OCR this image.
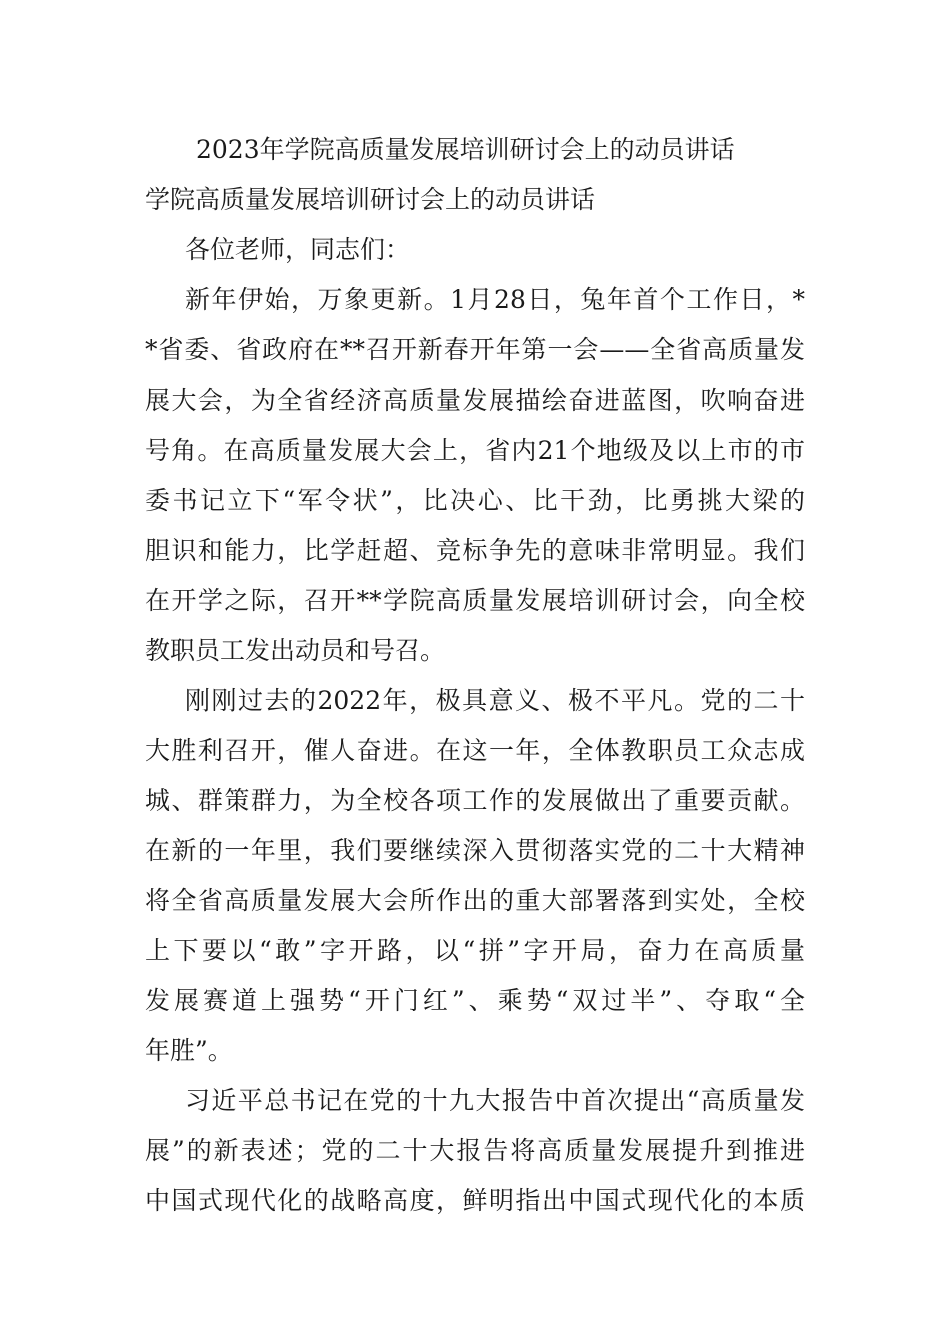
2023年学院高质量发展培训研讨会上的动员讲话
学院高质量发展培训研讨会上的动员讲话
各位老师，同志们：
新年伊始，万象更新。1月28日，兔年首个工作日，*
*省委、省政府在**召开新春开年第一会——全省高质量发
展大会，为全省经济高质量发展描绘奋进蓝图，吹响奋进
号角。在高质量发展大会上，省内21个地级及以上市的市
委书记立下“军令状”，比决心、比干劲，比勇挑大梁的
胆识和能力，比学赶超、竞标争先的意味非常明显。我们
在开学之际，召开**学院高质量发展培训研讨会，向全校
教职员工发出动员和号召。
刚刚过去的2022年，极具意义、极不平凡。党的二十
大胜利召开，催人奋进。在这一年，全体教职员工众志成
城、群策群力，为全校各项工作的发展做出了重要贡献。
在新的一年里，我们要继续深入贯彻落实党的二十大精神
将全省高质量发展大会所作出的重大部署落到实处，全校
上下要以“敢”字开路，以“拼”字开局，奋力在高质量
发展赛道上强势“开门红”、乘势“双过半”、夺取“全
年胜”。
习近平总书记在党的十九大报告中首次提出“高质量发
展”的新表述；党的二十大报告将高质量发展提升到推进
中国式现代化的战略高度，鲜明指出中国式现代化的本质
